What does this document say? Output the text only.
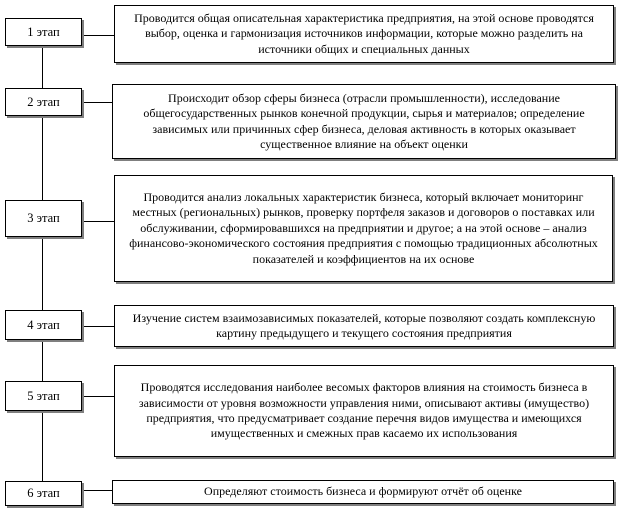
1 этап
2 этап
3 этап
4 этап
5 этап
6 этап
Проводится общая описательная характеристика предприятия, на этой основе проводятся выбор, оценка и гармонизация источников информации, которые можно разделить на источники общих и специальных данных
Происходит обзор сферы бизнеса (отрасли промышленности), исследование общегосударственных рынков конечной продукции, сырья и материалов; определение зависимых или причинных сфер бизнеса, деловая активность в которых оказывает существенное влияние на объект оценки
Проводится анализ локальных характеристик бизнеса, который включает мониторинг местных (региональных) рынков, проверку портфеля заказов и договоров о поставках или обслуживании, сформировавшихся на предприятии и другое; а на этой основе – анализ финансово-экономического состояния предприятия с помощью традиционных абсолютных показателей и коэффициентов на их основе
Изучение систем взаимозависимых показателей, которые позволяют создать комплексную картину предыдущего и текущего состояния предприятия
Проводятся исследования наиболее весомых факторов влияния на стоимость бизнеса в зависимости от уровня возможности управления ними, описывают активы (имущество) предприятия, что предусматривает создание перечня видов имущества и имеющихся имущественных и смежных прав касаемо их использования
Определяют стоимость бизнеса и формируют отчёт об оценке
